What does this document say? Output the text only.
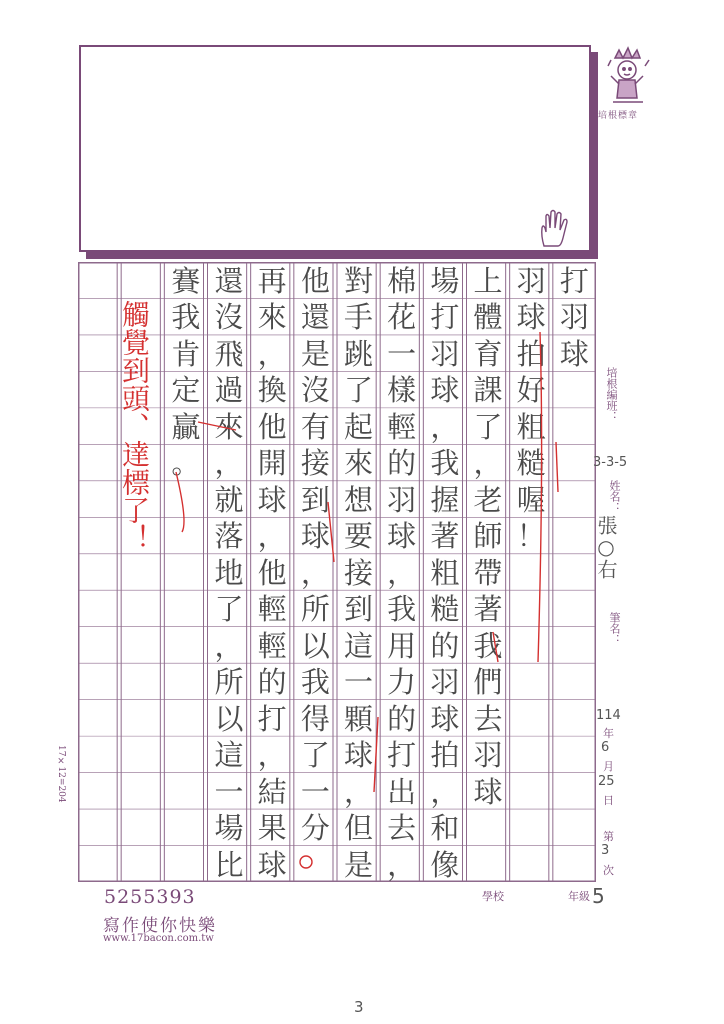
培根標章
打
羽
球
羽
球
拍
好
粗
糙
喔
！
上
體
育
課
了
，
老
師
帶
著
我
們
去
羽
球
場
打
羽
球
，
我
握
著
粗
糙
的
羽
球
拍
，
和
像
棉
花
一
樣
輕
的
羽
球
，
我
用
力
的
打
出
去
，
對
手
跳
了
起
來
想
要
接
到
這
一
顆
球
，
但
是
他
還
是
沒
有
接
到
球
，
所
以
我
得
了
一
分
再
來
，
換
他
開
球
，
他
輕
輕
的
打
，
結
果
球
還
沒
飛
過
來
，
就
落
地
了
，
所
以
這
一
場
比
賽
我
肯
定
贏
。
觸覺到頭、達標了！	培根編班：
3-3-5
姓名：
張○右
筆名：
114
年
6
月
25
日
第
3
次
17×12=204
5255393
寫作使你快樂
www.17bacon.com.tw
學校	年級 5
3
